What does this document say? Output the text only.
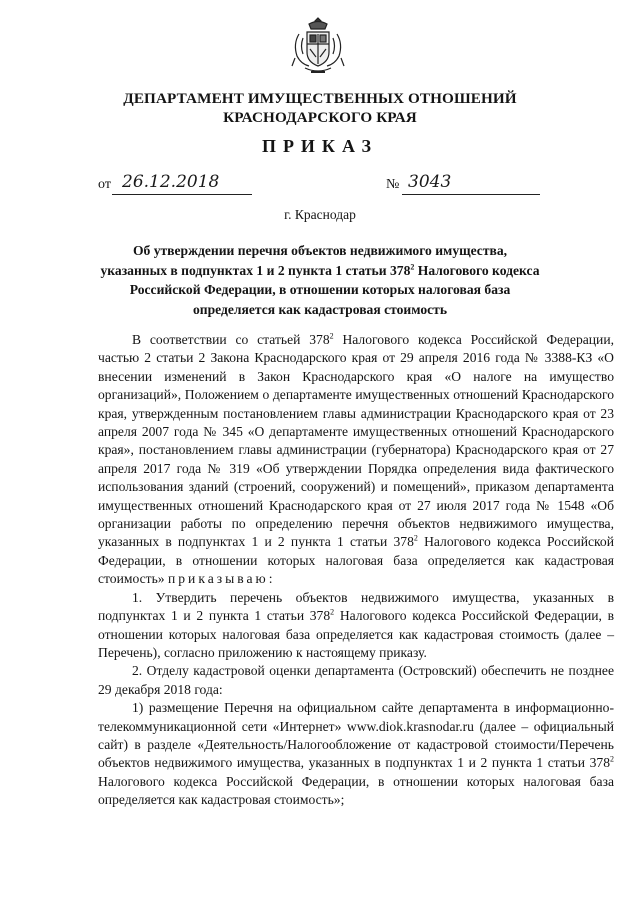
ДЕПАРТАМЕНТ ИМУЩЕСТВЕННЫХ ОТНОШЕНИЙ
КРАСНОДАРСКОГО КРАЯ
ПРИКАЗ
от 26.12.2018	№ 3043
г. Краснодар
Об утверждении перечня объектов недвижимого имущества,
указанных в подпунктах 1 и 2 пункта 1 статьи $378^2$ Налогового кодекса
Российской Федерации, в отношении которых налоговая база
определяется как кадастровая стоимость

В соответствии со статьей $378^2$ Налогового кодекса Российской Федерации, частью 2 статьи 2 Закона Краснодарского края от 29 апреля 2016 года № 3388-КЗ «О внесении изменений в Закон Краснодарского края «О налоге на имущество организаций», Положением о департаменте имущественных отношений Краснодарского края, утвержденным постановлением главы администрации Краснодарского края от 23 апреля 2007 года № 345 «О департаменте имущественных отношений Краснодарского края», постановлением главы администрации (губернатора) Краснодарского края от 27 апреля 2017 года № 319 «Об утверждении Порядка определения вида фактического использования зданий (строений, сооружений) и помещений», приказом департамента имущественных отношений Краснодарского края от 27 июля 2017 года № 1548 «Об организации работы по определению перечня объектов недвижимого имущества, указанных в подпунктах 1 и 2 пункта 1 статьи $378^2$ Налогового кодекса Российской Федерации, в отношении которых налоговая база определяется как кадастровая стоимость» приказываю:

1. Утвердить перечень объектов недвижимого имущества, указанных в подпунктах 1 и 2 пункта 1 статьи $378^2$ Налогового кодекса Российской Федерации, в отношении которых налоговая база определяется как кадастровая стоимость (далее – Перечень), согласно приложению к настоящему приказу.

2. Отделу кадастровой оценки департамента (Островский) обеспечить не позднее 29 декабря 2018 года:

1) размещение Перечня на официальном сайте департамента в информационно-телекоммуникационной сети «Интернет» www.diok.krasnodar.ru (далее – официальный сайт) в разделе «Деятельность/Налогообложение от кадастровой стоимости/Перечень объектов недвижимого имущества, указанных в подпунктах 1 и 2 пункта 1 статьи $378^2$ Налогового кодекса Российской Федерации, в отношении которых налоговая база определяется как кадастровая стоимость»;
